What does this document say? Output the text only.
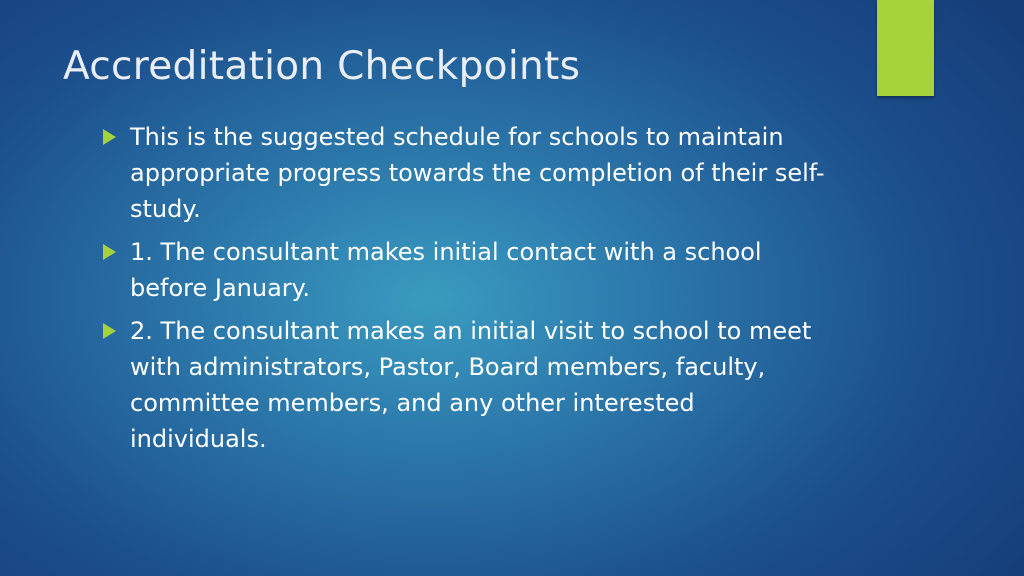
Accreditation Checkpoints
This is the suggested schedule for schools to maintain appropriate progress towards the completion of their self-study.
1. The consultant makes initial contact with a school before January.
2. The consultant makes an initial visit to school to meet with administrators, Pastor, Board members, faculty, committee members, and any other interested individuals.
